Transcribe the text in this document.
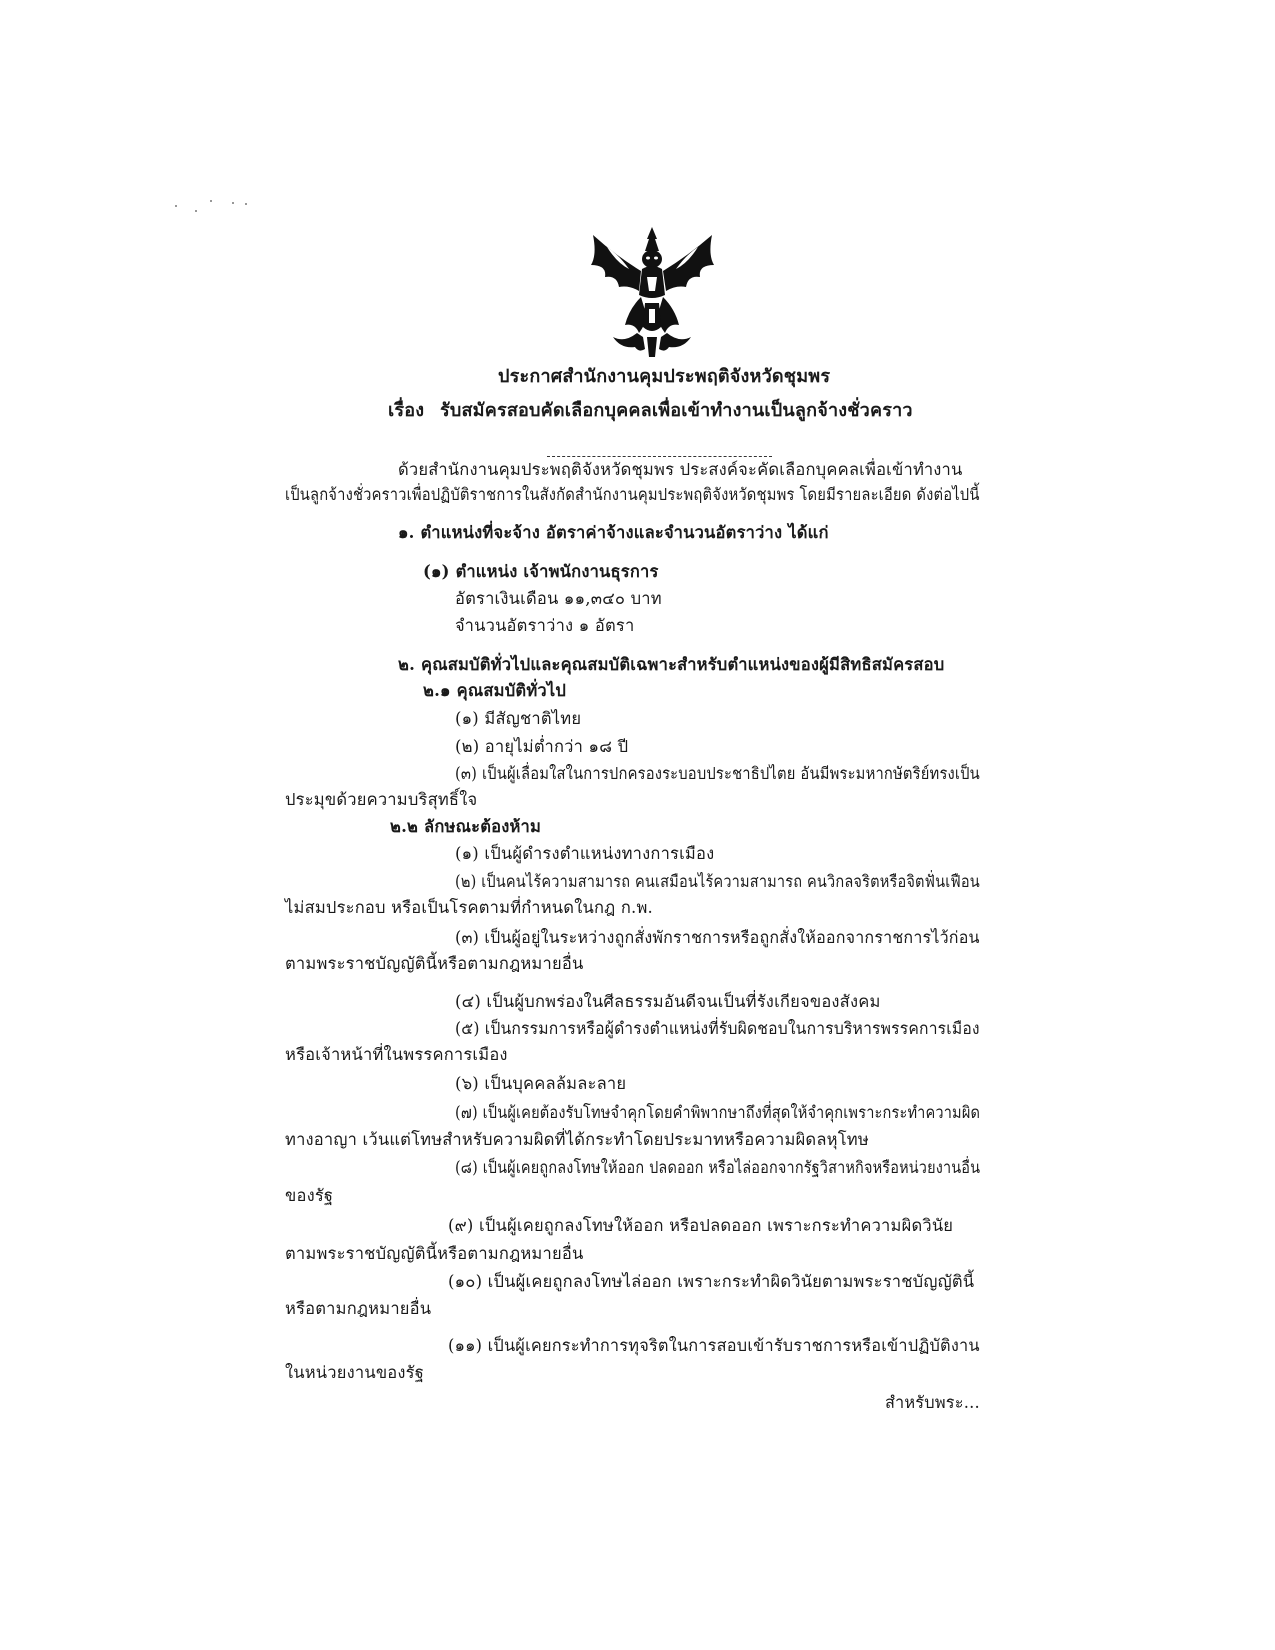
ประกาศสำนักงานคุมประพฤติจังหวัดชุมพร
เรื่อง รับสมัครสอบคัดเลือกบุคคลเพื่อเข้าทำงานเป็นลูกจ้างชั่วคราว
ด้วยสำนักงานคุมประพฤติจังหวัดชุมพร ประสงค์จะคัดเลือกบุคคลเพื่อเข้าทำงาน
เป็นลูกจ้างชั่วคราวเพื่อปฏิบัติราชการในสังกัดสำนักงานคุมประพฤติจังหวัดชุมพร โดยมีรายละเอียด ดังต่อไปนี้
๑. ตำแหน่งที่จะจ้าง อัตราค่าจ้างและจำนวนอัตราว่าง ได้แก่
(๑) ตำแหน่ง เจ้าพนักงานธุรการ
อัตราเงินเดือน ๑๑,๓๔๐ บาท
จำนวนอัตราว่าง ๑ อัตรา
๒. คุณสมบัติทั่วไปและคุณสมบัติเฉพาะสำหรับตำแหน่งของผู้มีสิทธิสมัครสอบ
๒.๑ คุณสมบัติทั่วไป
(๑) มีสัญชาติไทย
(๒) อายุไม่ต่ำกว่า ๑๘ ปี
(๓) เป็นผู้เลื่อมใสในการปกครองระบอบประชาธิปไตย อันมีพระมหากษัตริย์ทรงเป็น
ประมุขด้วยความบริสุทธิ์ใจ
๒.๒ ลักษณะต้องห้าม
(๑) เป็นผู้ดำรงตำแหน่งทางการเมือง
(๒) เป็นคนไร้ความสามารถ คนเสมือนไร้ความสามารถ คนวิกลจริตหรือจิตฟั่นเฟือน
ไม่สมประกอบ หรือเป็นโรคตามที่กำหนดในกฎ ก.พ.
(๓) เป็นผู้อยู่ในระหว่างถูกสั่งพักราชการหรือถูกสั่งให้ออกจากราชการไว้ก่อน
ตามพระราชบัญญัตินี้หรือตามกฎหมายอื่น
(๔) เป็นผู้บกพร่องในศีลธรรมอันดีจนเป็นที่รังเกียจของสังคม
(๕) เป็นกรรมการหรือผู้ดำรงตำแหน่งที่รับผิดชอบในการบริหารพรรคการเมือง
หรือเจ้าหน้าที่ในพรรคการเมือง
(๖) เป็นบุคคลล้มละลาย
(๗) เป็นผู้เคยต้องรับโทษจำคุกโดยคำพิพากษาถึงที่สุดให้จำคุกเพราะกระทำความผิด
ทางอาญา เว้นแต่โทษสำหรับความผิดที่ได้กระทำโดยประมาทหรือความผิดลหุโทษ
(๘) เป็นผู้เคยถูกลงโทษให้ออก ปลดออก หรือไล่ออกจากรัฐวิสาหกิจหรือหน่วยงานอื่น
ของรัฐ
(๙) เป็นผู้เคยถูกลงโทษให้ออก หรือปลดออก เพราะกระทำความผิดวินัย
ตามพระราชบัญญัตินี้หรือตามกฎหมายอื่น
(๑๐) เป็นผู้เคยถูกลงโทษไล่ออก เพราะกระทำผิดวินัยตามพระราชบัญญัตินี้
หรือตามกฎหมายอื่น
(๑๑) เป็นผู้เคยกระทำการทุจริตในการสอบเข้ารับราชการหรือเข้าปฏิบัติงาน
ในหน่วยงานของรัฐ
สำหรับพระ...
